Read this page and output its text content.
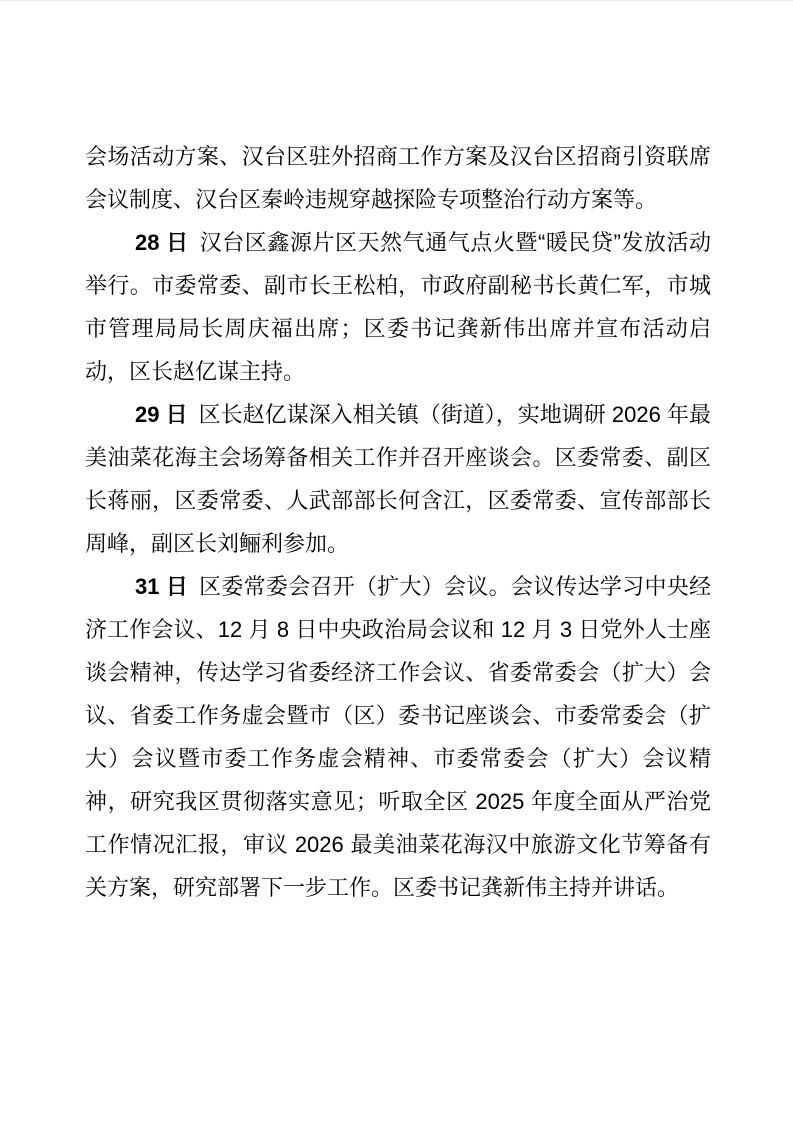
会场活动方案、汉台区驻外招商工作方案及汉台区招商引资联席会议制度、汉台区秦岭违规穿越探险专项整治行动方案等。

28 日 汉台区鑫源片区天然气通气点火暨“暖民贷”发放活动举行。市委常委、副市长王松柏，市政府副秘书长黄仁军，市城市管理局局长周庆福出席；区委书记龚新伟出席并宣布活动启动，区长赵亿谋主持。

29 日 区长赵亿谋深入相关镇（街道），实地调研 2026 年最美油菜花海主会场筹备相关工作并召开座谈会。区委常委、副区长蒋丽，区委常委、人武部部长何含江，区委常委、宣传部部长周峰，副区长刘鲡利参加。

31 日 区委常委会召开（扩大）会议。会议传达学习中央经济工作会议、12 月 8 日中央政治局会议和 12 月 3 日党外人士座谈会精神，传达学习省委经济工作会议、省委常委会（扩大）会议、省委工作务虚会暨市（区）委书记座谈会、市委常委会（扩大）会议暨市委工作务虚会精神、市委常委会（扩大）会议精神，研究我区贯彻落实意见；听取全区 2025 年度全面从严治党工作情况汇报，审议 2026 最美油菜花海汉中旅游文化节筹备有关方案，研究部署下一步工作。区委书记龚新伟主持并讲话。
